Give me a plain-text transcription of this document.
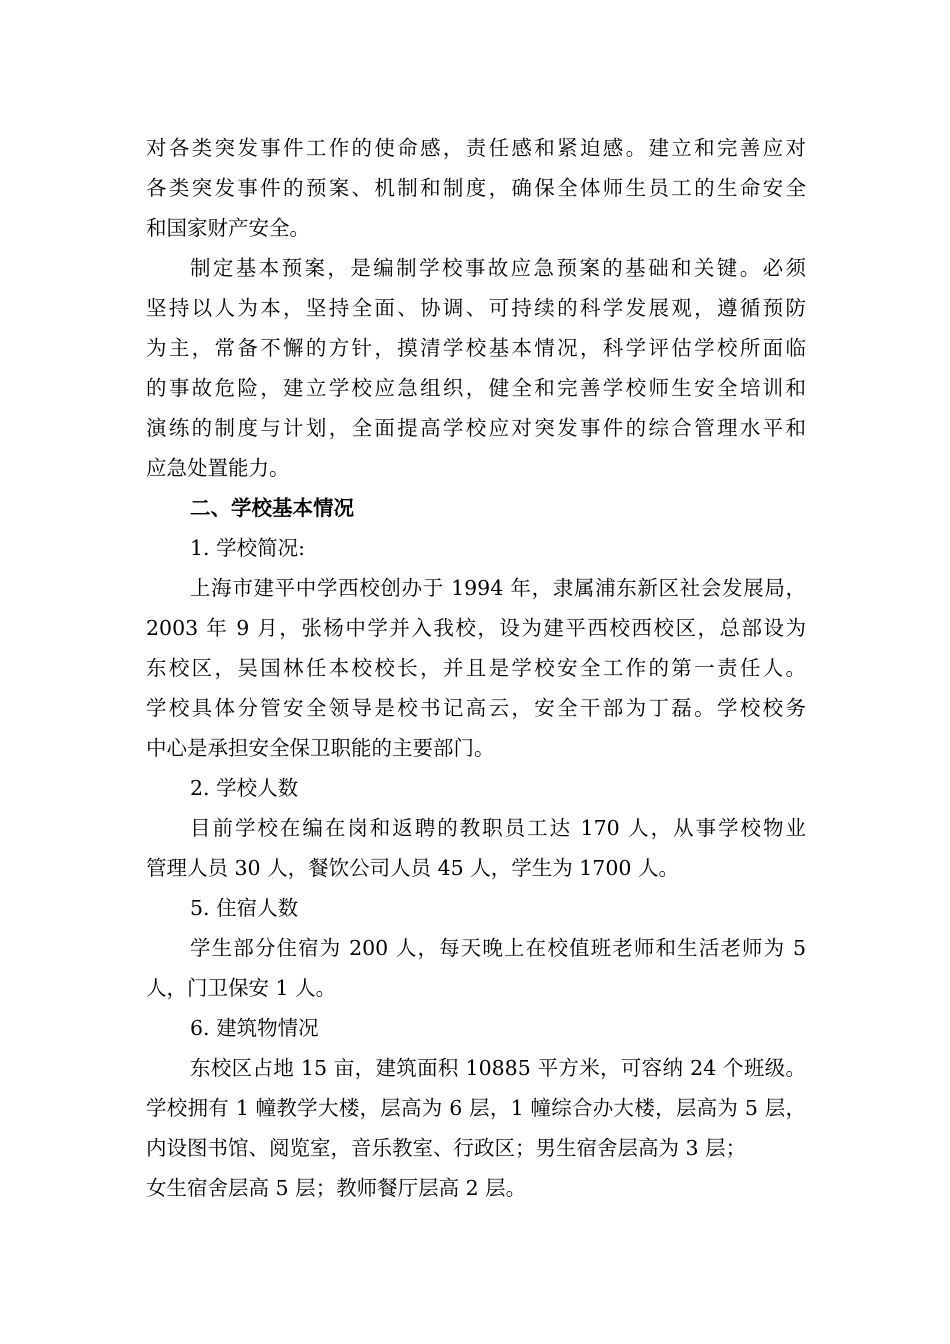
对各类突发事件工作的使命感，责任感和紧迫感。建立和完善应对
各类突发事件的预案、机制和制度，确保全体师生员工的生命安全
和国家财产安全。
制定基本预案，是编制学校事故应急预案的基础和关键。必须
坚持以人为本，坚持全面、协调、可持续的科学发展观，遵循预防
为主，常备不懈的方针，摸清学校基本情况，科学评估学校所面临
的事故危险，建立学校应急组织，健全和完善学校师生安全培训和
演练的制度与计划，全面提高学校应对突发事件的综合管理水平和
应急处置能力。
二、学校基本情况
1. 学校简况:
上海市建平中学西校创办于 1994 年，隶属浦东新区社会发展局，
2003 年 9 月，张杨中学并入我校，设为建平西校西校区，总部设为
东校区，吴国林任本校校长，并且是学校安全工作的第一责任人。
学校具体分管安全领导是校书记高云，安全干部为丁磊。学校校务
中心是承担安全保卫职能的主要部门。
2. 学校人数
目前学校在编在岗和返聘的教职员工达 170 人，从事学校物业
管理人员 30 人，餐饮公司人员 45 人，学生为 1700 人。
5. 住宿人数
学生部分住宿为 200 人，每天晚上在校值班老师和生活老师为 5
人，门卫保安 1 人。
6. 建筑物情况
东校区占地 15 亩，建筑面积 10885 平方米，可容纳 24 个班级。
学校拥有 1 幢教学大楼，层高为 6 层，1 幢综合办大楼，层高为 5 层，
内设图书馆、阅览室，音乐教室、行政区；男生宿舍层高为 3 层；
女生宿舍层高 5 层；教师餐厅层高 2 层。
